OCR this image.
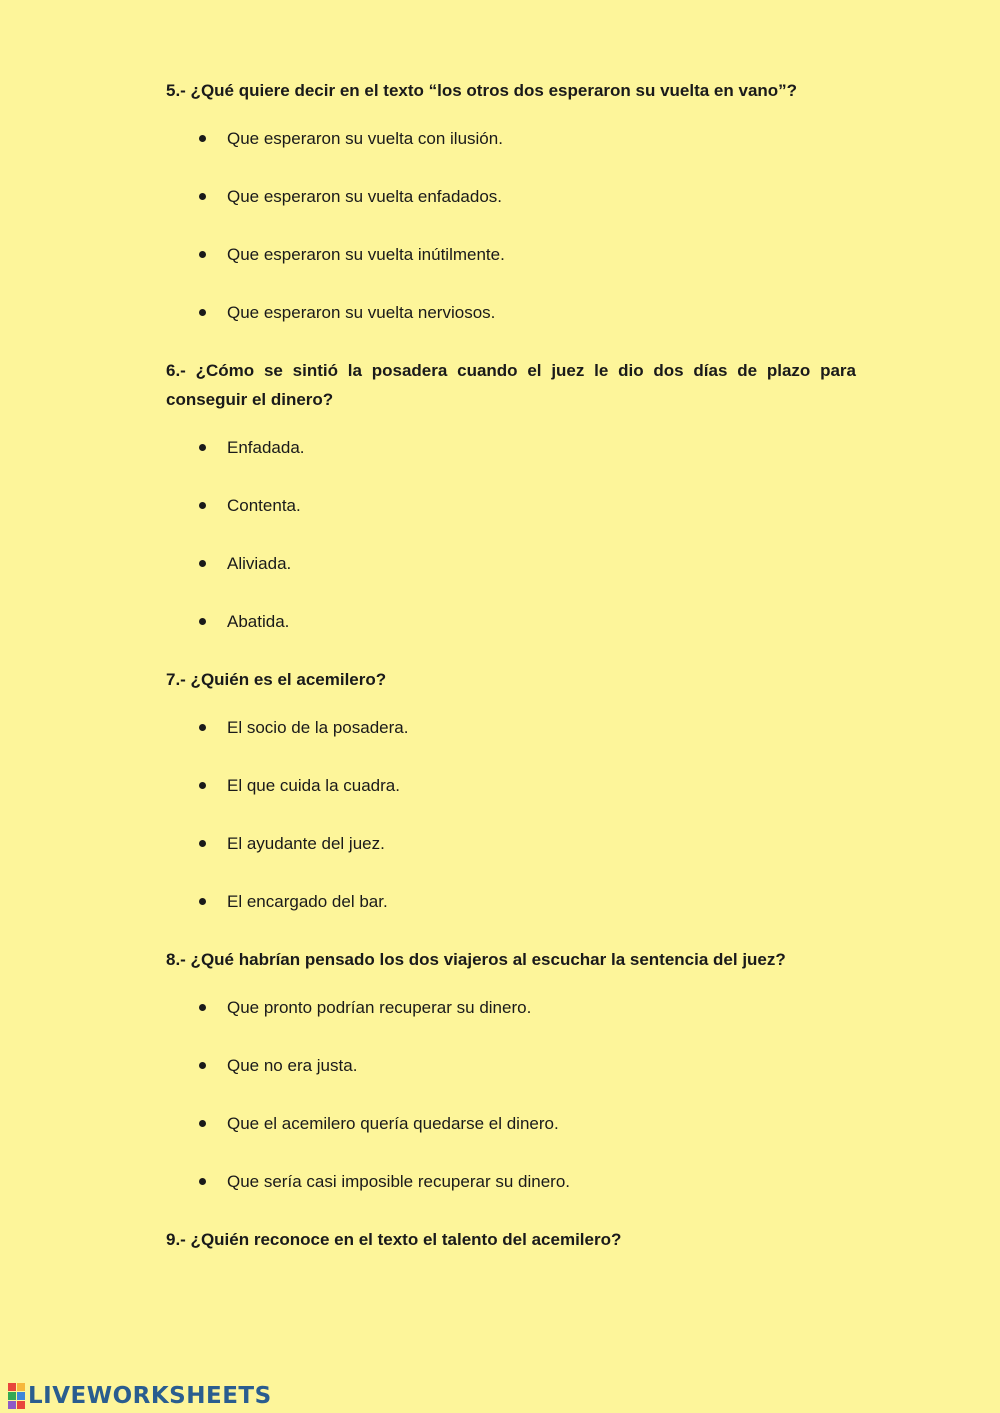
5.- ¿Qué quiere decir en el texto “los otros dos esperaron su vuelta en vano”?

Que esperaron su vuelta con ilusión.
Que esperaron su vuelta enfadados.
Que esperaron su vuelta inútilmente.
Que esperaron su vuelta nerviosos.

6.- ¿Cómo se sintió la posadera cuando el juez le dio dos días de plazo para conseguir el dinero?

Enfadada.
Contenta.
Aliviada.
Abatida.

7.- ¿Quién es el acemilero?

El socio de la posadera.
El que cuida la cuadra.
El ayudante del juez.
El encargado del bar.

8.- ¿Qué habrían pensado los dos viajeros al escuchar la sentencia del juez?

Que pronto podrían recuperar su dinero.
Que no era justa.
Que el acemilero quería quedarse el dinero.
Que sería casi imposible recuperar su dinero.

9.- ¿Quién reconoce en el texto el talento del acemilero?

LIVEWORKSHEETS
